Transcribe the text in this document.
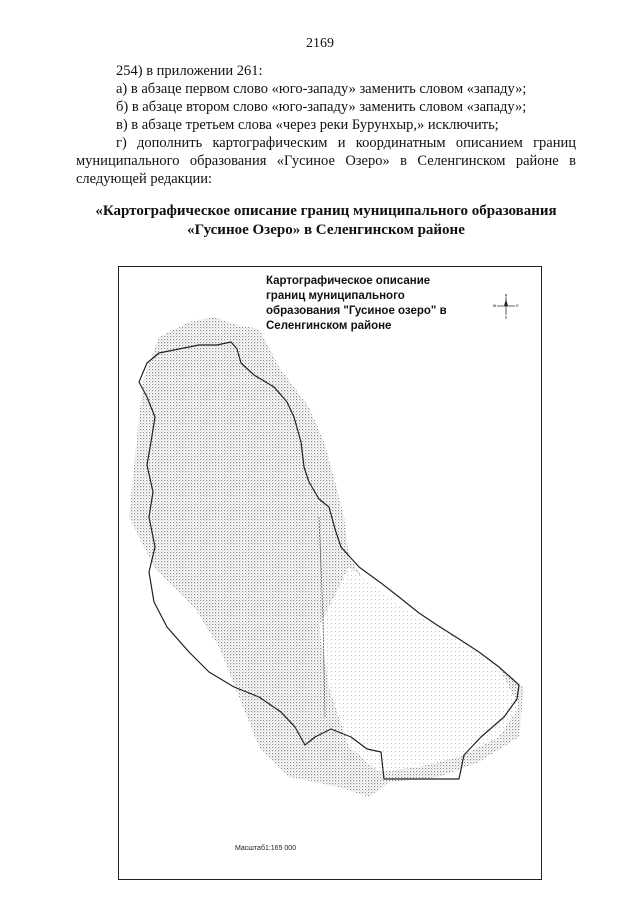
2169
254) в приложении 261:
а) в абзаце первом слово «юго-западу» заменить словом «западу»;
б) в абзаце втором слово «юго-западу» заменить словом «западу»;
в) в абзаце третьем слова «через реки Бурунхыр,» исключить;
г) дополнить картографическим и координатным описанием границ
муниципального образования «Гусиное Озеро» в Селенгинском районе в
следующей редакции:
«Картографическое описание границ муниципального образования
«Гусиное Озеро» в Селенгинском районе
Картографическое описание
границ муниципального
образования "Гусиное озеро" в
Селенгинском районе
N
S
W	E
Масштаб1:165 000
